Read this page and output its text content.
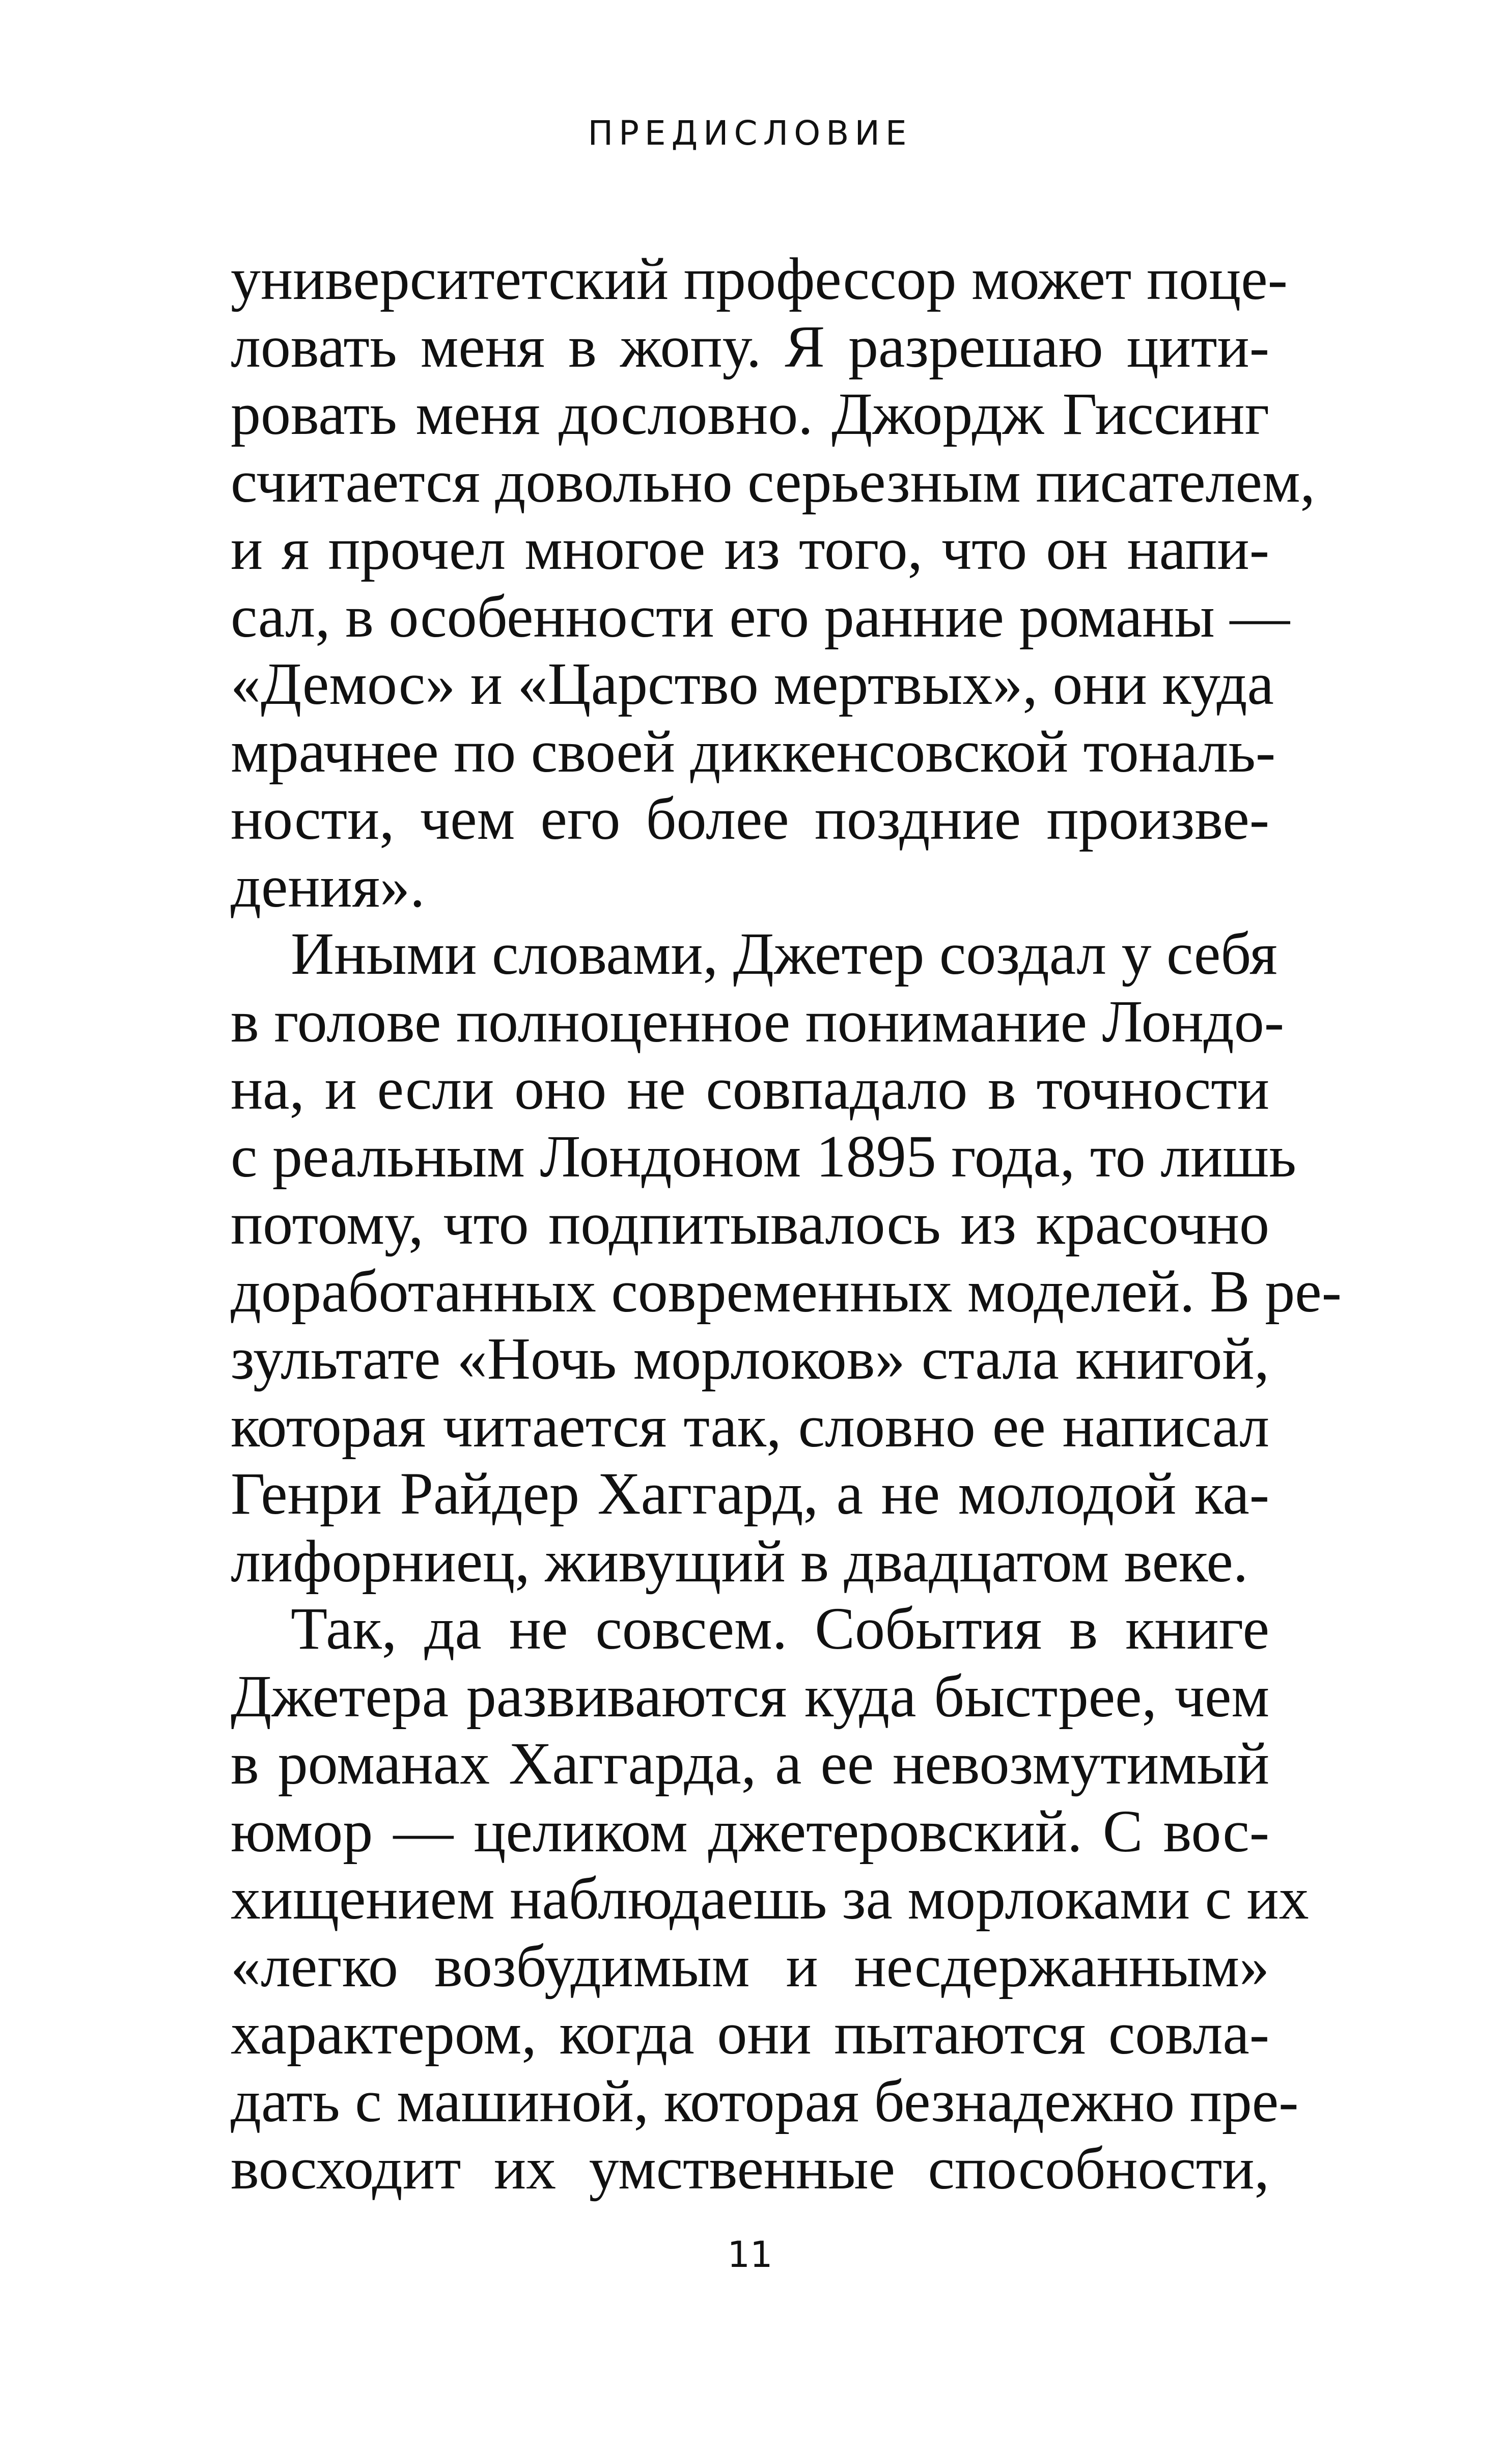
ПРЕДИСЛОВИЕ
университетский профессор может поце-
ловать меня в жопу. Я разрешаю цити-
ровать меня дословно. Джордж Гиссинг
считается довольно серьезным писателем,
и я прочел многое из того, что он напи-
сал, в особенности его ранние романы —
«Демос» и «Царство мертвых», они куда
мрачнее по своей диккенсовской тональ-
ности, чем его более поздние произве-
дения».
Иными словами, Джетер создал у себя
в голове полноценное понимание Лондо-
на, и если оно не совпадало в точности
с реальным Лондоном 1895 года, то лишь
потому, что подпитывалось из красочно
доработанных современных моделей. В ре-
зультате «Ночь морлоков» стала книгой,
которая читается так, словно ее написал
Генри Райдер Хаггард, а не молодой ка-
лифорниец, живущий в двадцатом веке.
Так, да не совсем. События в книге
Джетера развиваются куда быстрее, чем
в романах Хаггарда, а ее невозмутимый
юмор — целиком джетеровский. С вос-
хищением наблюдаешь за морлоками с их
«легко возбудимым и несдержанным»
характером, когда они пытаются совла-
дать с машиной, которая безнадежно пре-
восходит их умственные способности,
11
